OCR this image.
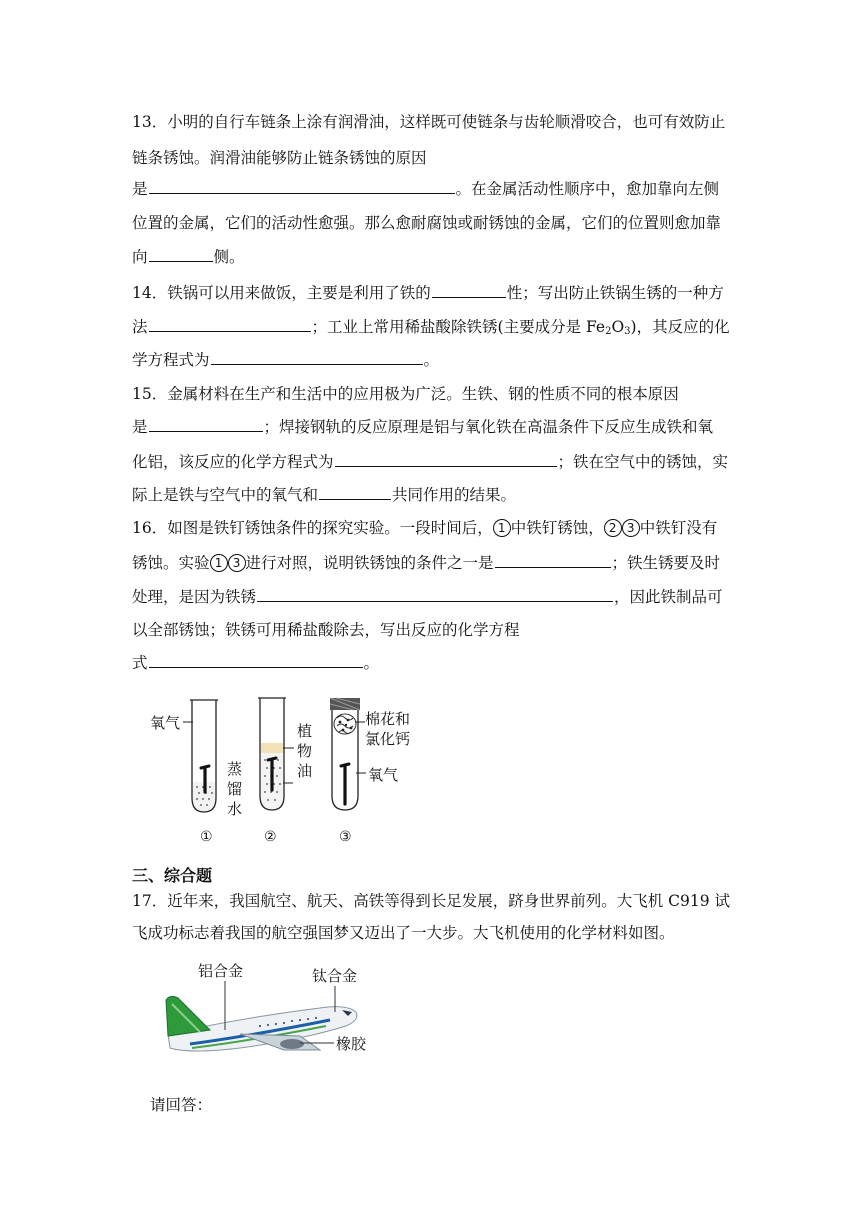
13．小明的自行车链条上涂有润滑油，这样既可使链条与齿轮顺滑咬合，也可有效防止
链条锈蚀。润滑油能够防止链条锈蚀的原因
是	。在金属活动性顺序中，愈加靠向左侧
位置的金属，它们的活动性愈强。那么愈耐腐蚀或耐锈蚀的金属，它们的位置则愈加靠
向	侧。
14．铁锅可以用来做饭，主要是利用了铁的	性；写出防止铁锅生锈的一种方
法	；工业上常用稀盐酸除铁锈(主要成分是 $Fe_2O_3$)，其反应的化
学方程式为	。
15．金属材料在生产和生活中的应用极为广泛。生铁、钢的性质不同的根本原因
是	；焊接钢轨的反应原理是铝与氧化铁在高温条件下反应生成铁和氧
化铝，该反应的化学方程式为	；铁在空气中的锈蚀，实
际上是铁与空气中的氧气和	共同作用的结果。
16．如图是铁钉锈蚀条件的探究实验。一段时间后， 1 中铁钉锈蚀， 2 3 中铁钉没有
锈蚀。实验 1 3 进行对照，说明铁锈蚀的条件之一是	；铁生锈要及时
处理，是因为铁锈	，因此铁制品可
以全部锈蚀；铁锈可用稀盐酸除去，写出反应的化学方程
式	。
氧气
蒸
馏
水
植
物
油
棉花和
氯化钙
氧气
①	②	③
三、综合题
17．近年来，我国航空、航天、高铁等得到长足发展，跻身世界前列。大飞机 C919 试
飞成功标志着我国的航空强国梦又迈出了一大步。大飞机使用的化学材料如图。
铝合金	钛合金
橡胶
请回答：
